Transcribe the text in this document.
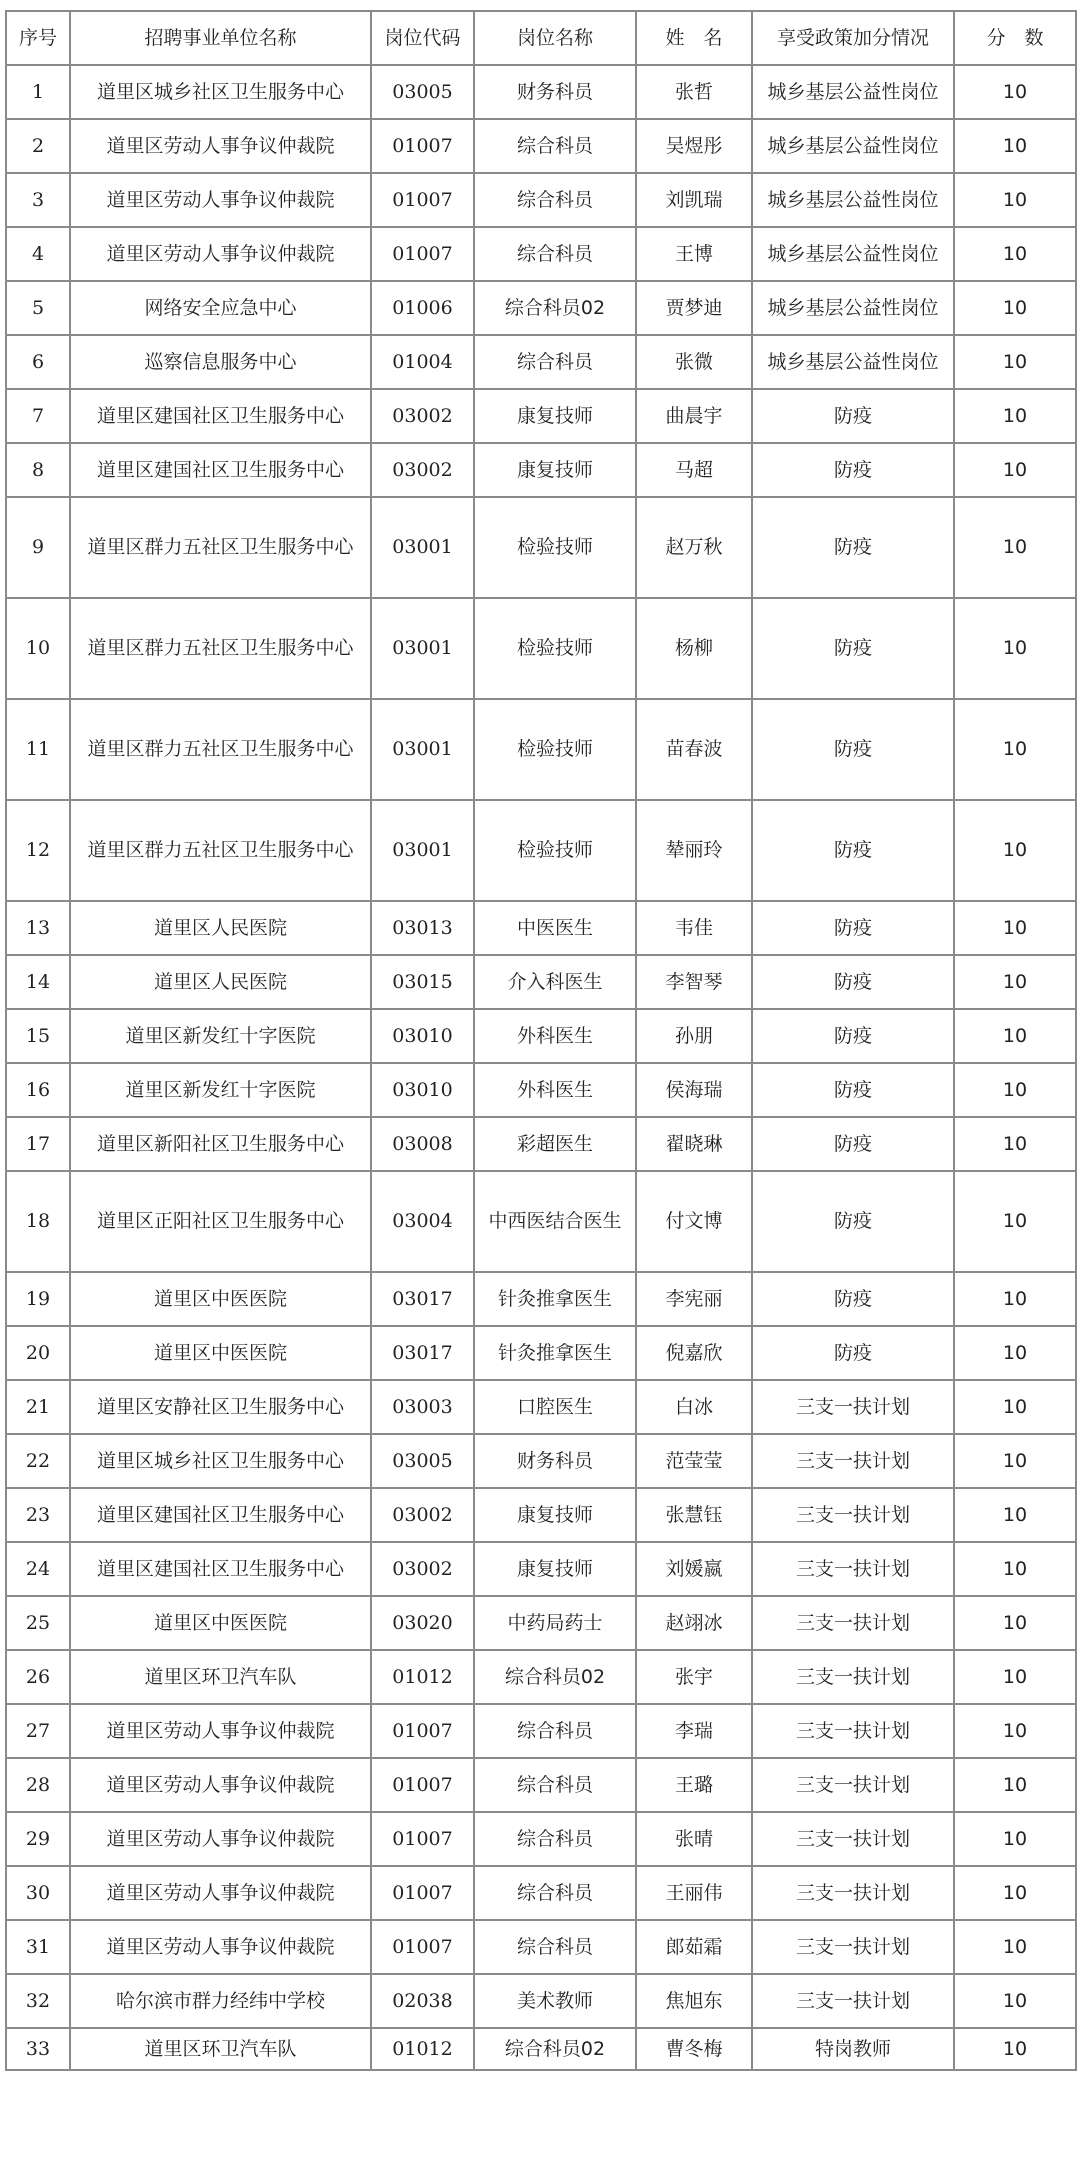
序号	招聘事业单位名称	岗位代码	岗位名称	姓　名	享受政策加分情况	分　数
1	道里区城乡社区卫生服务中心	03005	财务科员	张哲	城乡基层公益性岗位	10
2	道里区劳动人事争议仲裁院	01007	综合科员	吴煜彤	城乡基层公益性岗位	10
3	道里区劳动人事争议仲裁院	01007	综合科员	刘凯瑞	城乡基层公益性岗位	10
4	道里区劳动人事争议仲裁院	01007	综合科员	王博	城乡基层公益性岗位	10
5	网络安全应急中心	01006	综合科员02	贾梦迪	城乡基层公益性岗位	10
6	巡察信息服务中心	01004	综合科员	张微	城乡基层公益性岗位	10
7	道里区建国社区卫生服务中心	03002	康复技师	曲晨宇	防疫	10
8	道里区建国社区卫生服务中心	03002	康复技师	马超	防疫	10
9	道里区群力五社区卫生服务中心	03001	检验技师	赵万秋	防疫	10
10	道里区群力五社区卫生服务中心	03001	检验技师	杨柳	防疫	10
11	道里区群力五社区卫生服务中心	03001	检验技师	苗春波	防疫	10
12	道里区群力五社区卫生服务中心	03001	检验技师	辇丽玲	防疫	10
13	道里区人民医院	03013	中医医生	韦佳	防疫	10
14	道里区人民医院	03015	介入科医生	李智琴	防疫	10
15	道里区新发红十字医院	03010	外科医生	孙朋	防疫	10
16	道里区新发红十字医院	03010	外科医生	侯海瑞	防疫	10
17	道里区新阳社区卫生服务中心	03008	彩超医生	翟晓琳	防疫	10
18	道里区正阳社区卫生服务中心	03004	中西医结合医生	付文博	防疫	10
19	道里区中医医院	03017	针灸推拿医生	李宪丽	防疫	10
20	道里区中医医院	03017	针灸推拿医生	倪嘉欣	防疫	10
21	道里区安静社区卫生服务中心	03003	口腔医生	白冰	三支一扶计划	10
22	道里区城乡社区卫生服务中心	03005	财务科员	范莹莹	三支一扶计划	10
23	道里区建国社区卫生服务中心	03002	康复技师	张慧钰	三支一扶计划	10
24	道里区建国社区卫生服务中心	03002	康复技师	刘媛嬴	三支一扶计划	10
25	道里区中医医院	03020	中药局药士	赵翊冰	三支一扶计划	10
26	道里区环卫汽车队	01012	综合科员02	张宇	三支一扶计划	10
27	道里区劳动人事争议仲裁院	01007	综合科员	李瑞	三支一扶计划	10
28	道里区劳动人事争议仲裁院	01007	综合科员	王璐	三支一扶计划	10
29	道里区劳动人事争议仲裁院	01007	综合科员	张晴	三支一扶计划	10
30	道里区劳动人事争议仲裁院	01007	综合科员	王丽伟	三支一扶计划	10
31	道里区劳动人事争议仲裁院	01007	综合科员	郎茹霜	三支一扶计划	10
32	哈尔滨市群力经纬中学校	02038	美术教师	焦旭东	三支一扶计划	10
33	道里区环卫汽车队	01012	综合科员02	曹冬梅	特岗教师	10
